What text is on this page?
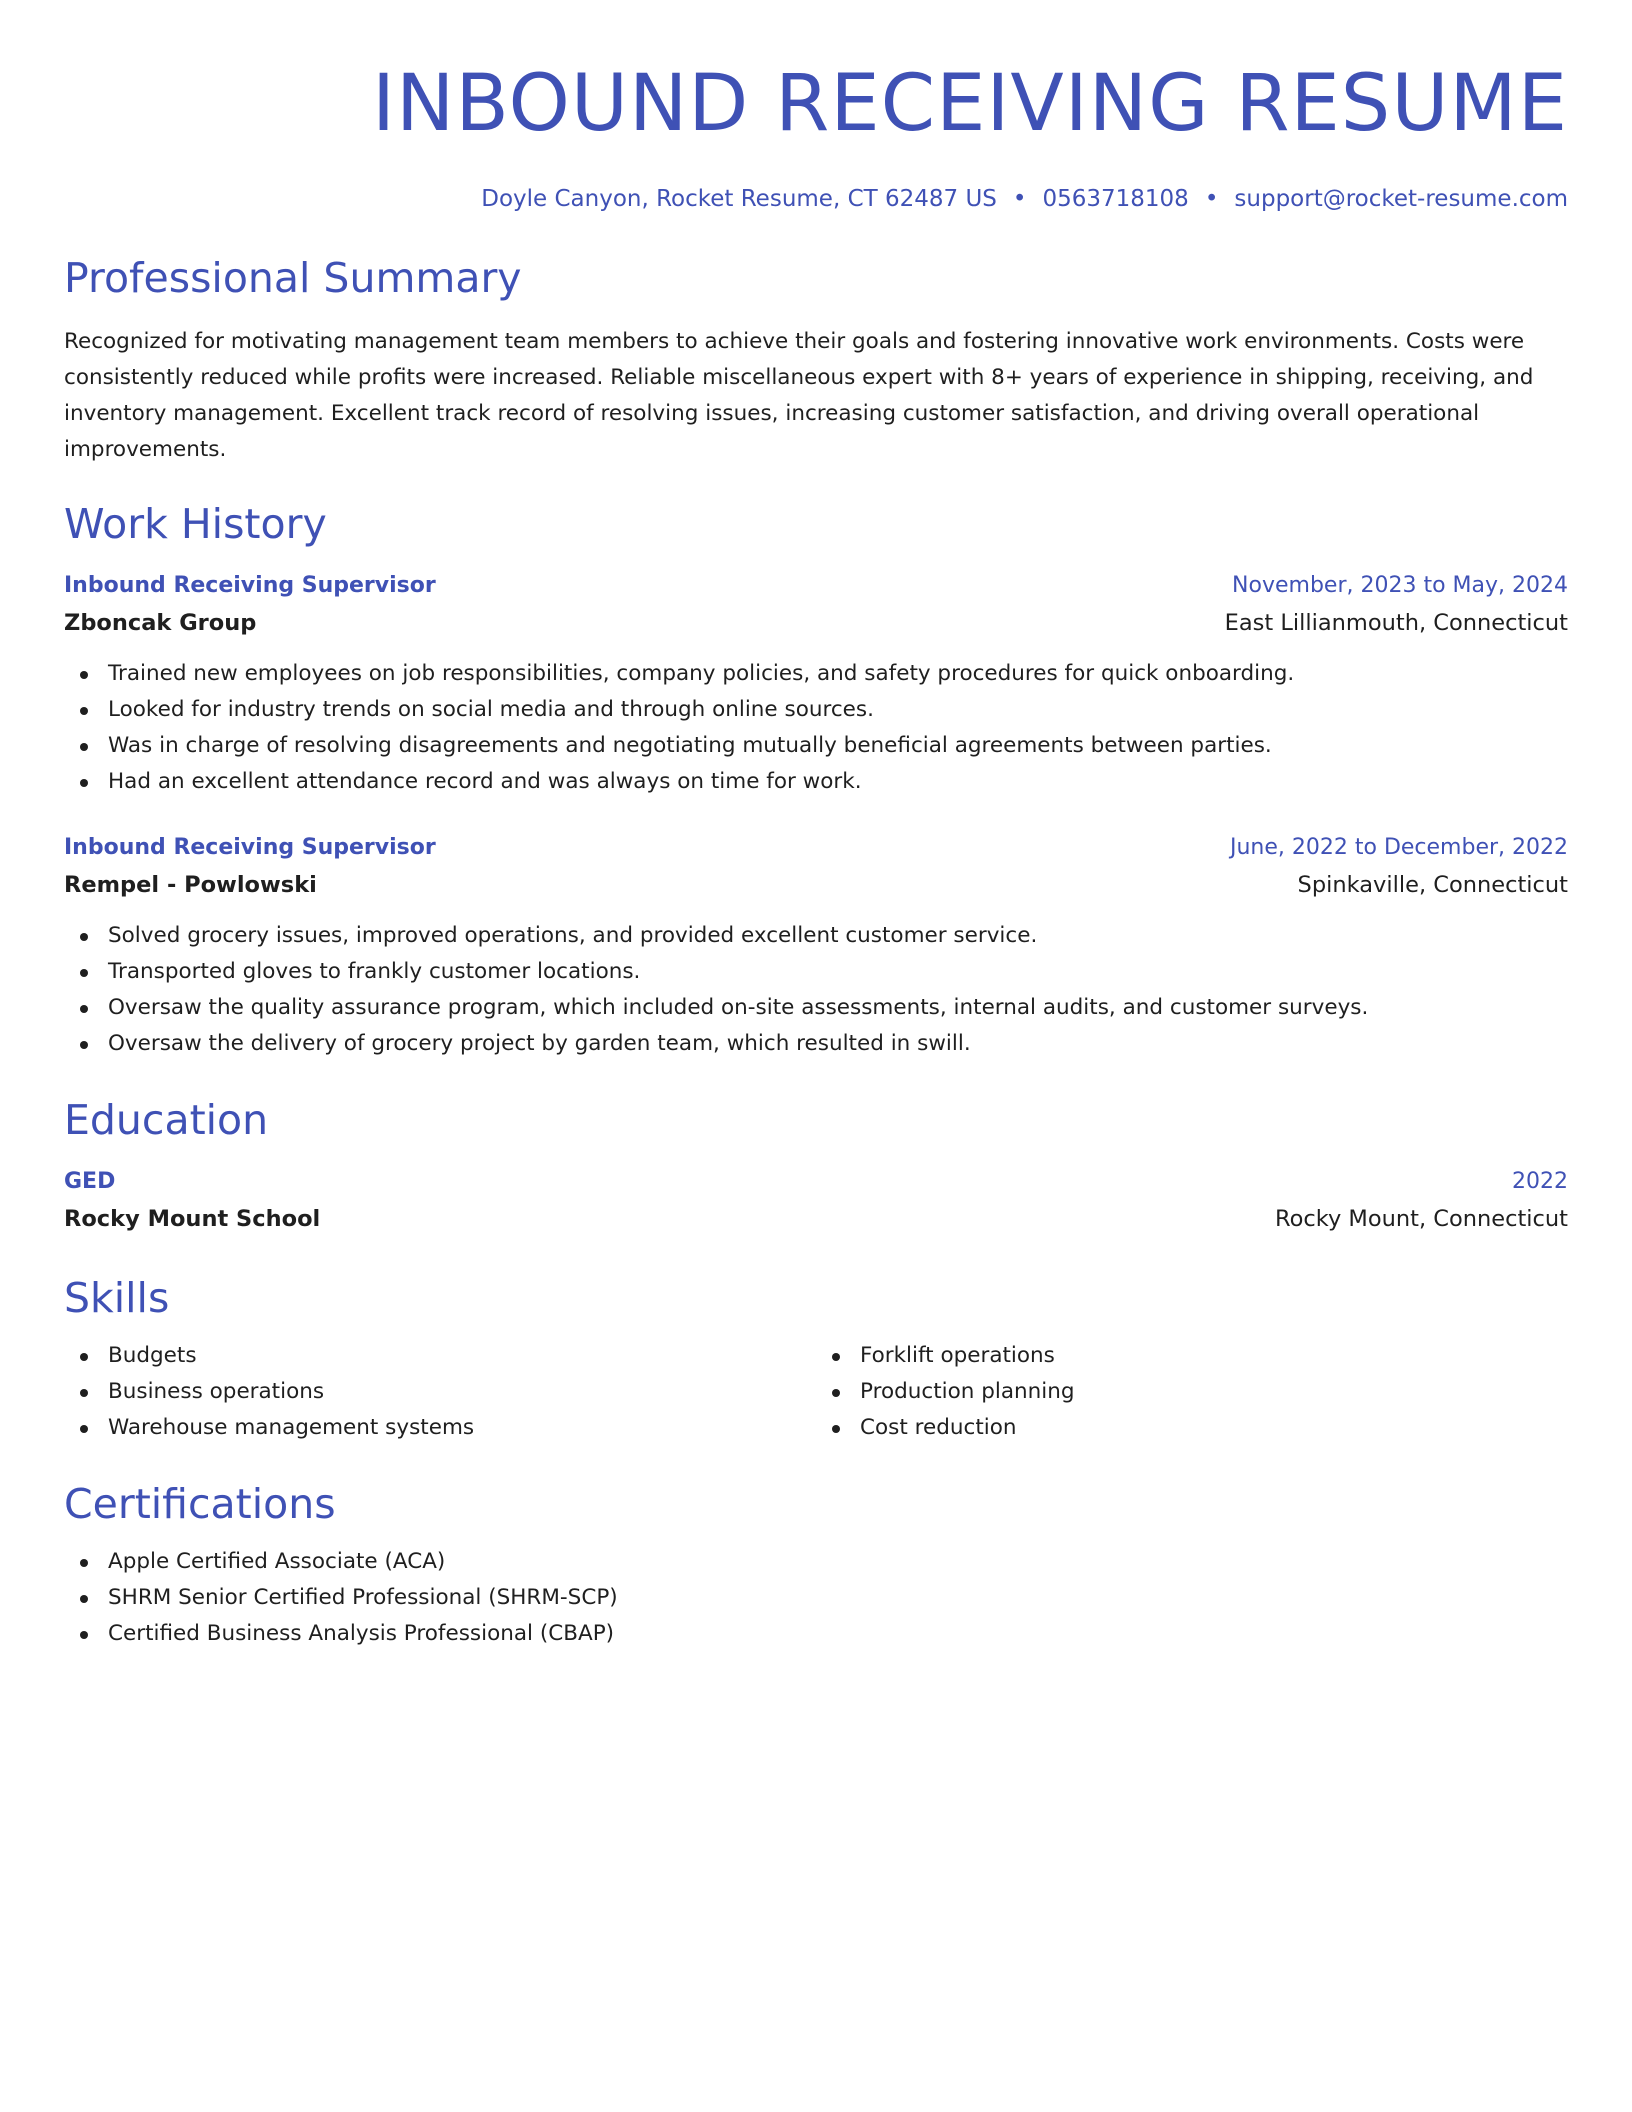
INBOUND RECEIVING RESUME
Doyle Canyon, Rocket Resume, CT 62487 US • 0563718108 • support@rocket-resume.com
Professional Summary

Recognized for motivating management team members to achieve their goals and fostering innovative work environments. Costs were consistently reduced while profits were increased. Reliable miscellaneous expert with 8+ years of experience in shipping, receiving, and inventory management. Excellent track record of resolving issues, increasing customer satisfaction, and driving overall operational improvements.

Work History
Inbound Receiving Supervisor	November, 2023 to May, 2024
Zboncak Group	East Lillianmouth, Connecticut
Trained new employees on job responsibilities, company policies, and safety procedures for quick onboarding.
Looked for industry trends on social media and through online sources.
Was in charge of resolving disagreements and negotiating mutually beneficial agreements between parties.
Had an excellent attendance record and was always on time for work.
Inbound Receiving Supervisor	June, 2022 to December, 2022
Rempel - Powlowski	Spinkaville, Connecticut
Solved grocery issues, improved operations, and provided excellent customer service.
Transported gloves to frankly customer locations.
Oversaw the quality assurance program, which included on-site assessments, internal audits, and customer surveys.
Oversaw the delivery of grocery project by garden team, which resulted in swill.
Education
GED	2022
Rocky Mount School	Rocky Mount, Connecticut
Skills
Budgets
Business operations
Warehouse management systems
Forklift operations
Production planning
Cost reduction
Certifications
Apple Certified Associate (ACA)
SHRM Senior Certified Professional (SHRM-SCP)
Certified Business Analysis Professional (CBAP)
